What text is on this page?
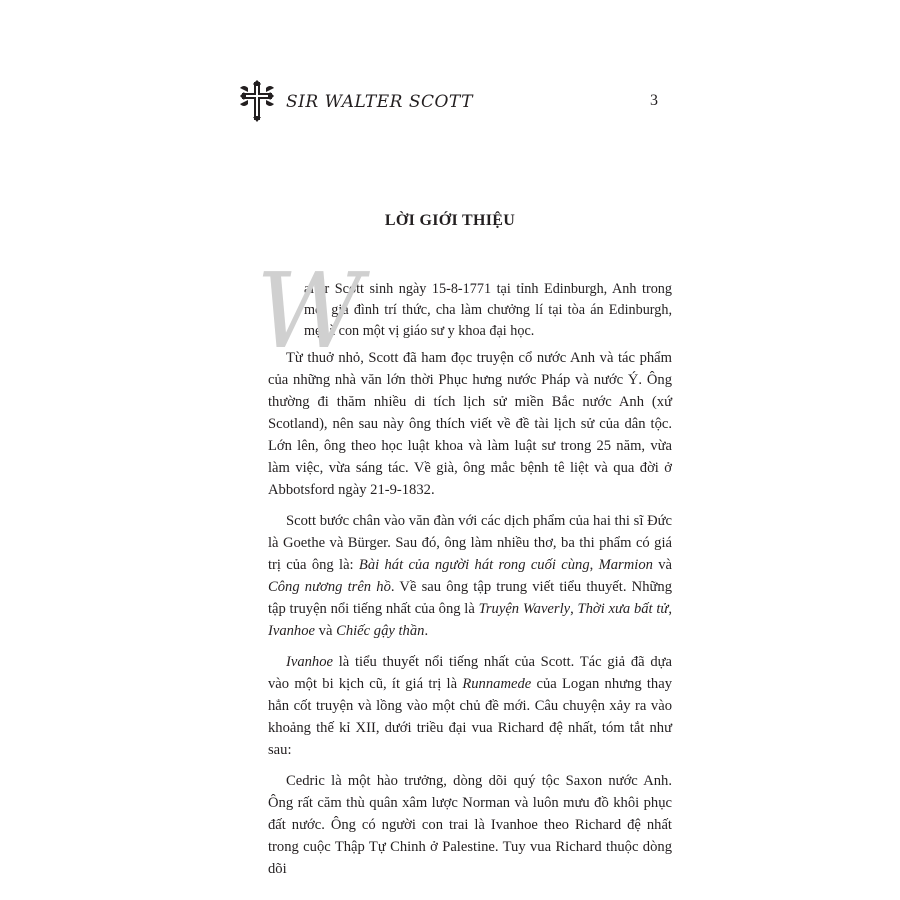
SIR WALTER SCOTT	3
LỜI GIỚI THIỆU
W

alter Scott sinh ngày 15-8-1771 tại tỉnh Edinburgh, Anh trong một gia đình trí thức, cha làm chưởng lí tại tòa án Edinburgh, mẹ là con một vị giáo sư y khoa đại học.

Từ thuở nhỏ, Scott đã ham đọc truyện cổ nước Anh và tác phẩm của những nhà văn lớn thời Phục hưng nước Pháp và nước Ý. Ông thường đi thăm nhiều di tích lịch sử miền Bắc nước Anh (xứ Scotland), nên sau này ông thích viết về đề tài lịch sử của dân tộc. Lớn lên, ông theo học luật khoa và làm luật sư trong 25 năm, vừa làm việc, vừa sáng tác. Về già, ông mắc bệnh tê liệt và qua đời ở Abbotsford ngày 21-9-1832.

Scott bước chân vào văn đàn với các dịch phẩm của hai thi sĩ Đức là Goethe và Bürger. Sau đó, ông làm nhiều thơ, ba thi phẩm có giá trị của ông là: Bài hát của người hát rong cuối cùng, Marmion và Công nương trên hồ. Về sau ông tập trung viết tiểu thuyết. Những tập truyện nổi tiếng nhất của ông là Truyện Waverly, Thời xưa bất tử, Ivanhoe và Chiếc gậy thần.

Ivanhoe là tiểu thuyết nổi tiếng nhất của Scott. Tác giả đã dựa vào một bi kịch cũ, ít giá trị là Runnamede của Logan nhưng thay hẳn cốt truyện và lồng vào một chủ đề mới. Câu chuyện xảy ra vào khoảng thế kỉ XII, dưới triều đại vua Richard đệ nhất, tóm tắt như sau:

Cedric là một hào trưởng, dòng dõi quý tộc Saxon nước Anh. Ông rất căm thù quân xâm lược Norman và luôn mưu đồ khôi phục đất nước. Ông có người con trai là Ivanhoe theo Richard đệ nhất trong cuộc Thập Tự Chinh ở Palestine. Tuy vua Richard thuộc dòng dõi
